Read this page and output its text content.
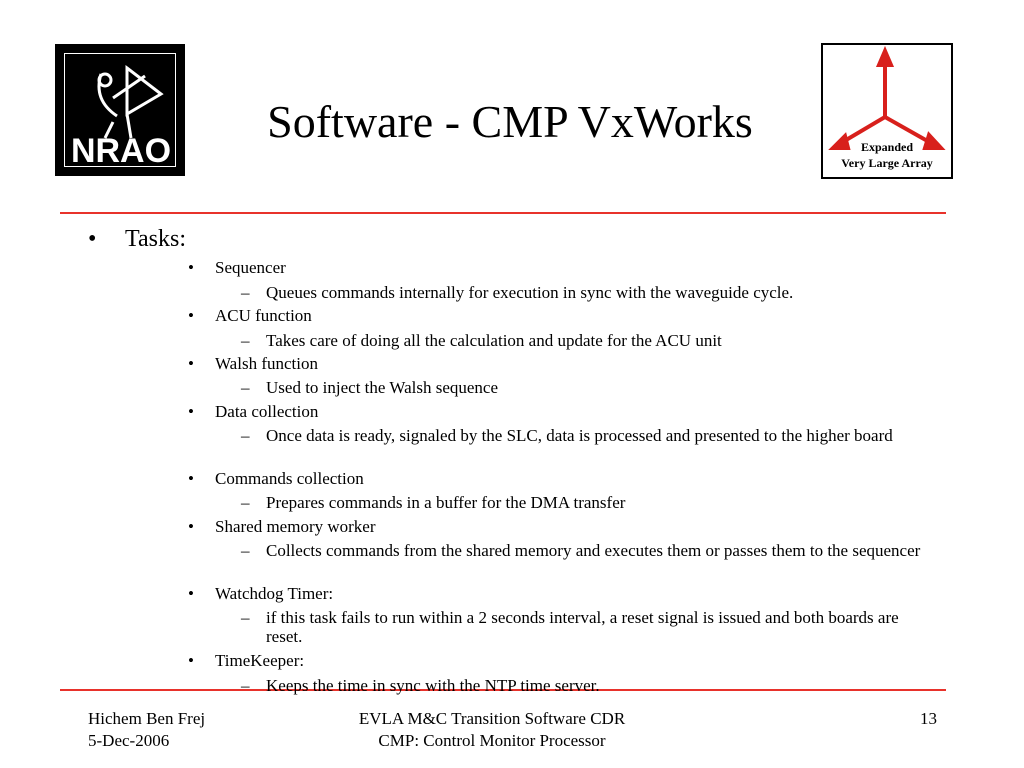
NRAO	Expanded
Very Large Array
Software - CMP VxWorks
• Tasks:
• Sequencer
– Queues commands internally for execution in sync with the waveguide cycle.
• ACU function
– Takes care of doing all the calculation and update for the ACU unit
• Walsh function
– Used to inject the Walsh sequence
• Data collection
– Once data is ready, signaled by the SLC, data is processed and presented to the higher board
• Commands collection
– Prepares commands in a buffer for the DMA transfer
• Shared memory worker
– Collects commands from the shared memory and executes them or passes them to the sequencer
• Watchdog Timer:
– if this task fails to run within a 2 seconds interval, a reset signal is issued and both boards are reset.
• TimeKeeper:
– Keeps the time in sync with the NTP time server.
Hichem Ben Frej
5-Dec-2006
EVLA M&C Transition Software CDR
CMP: Control Monitor Processor
13
